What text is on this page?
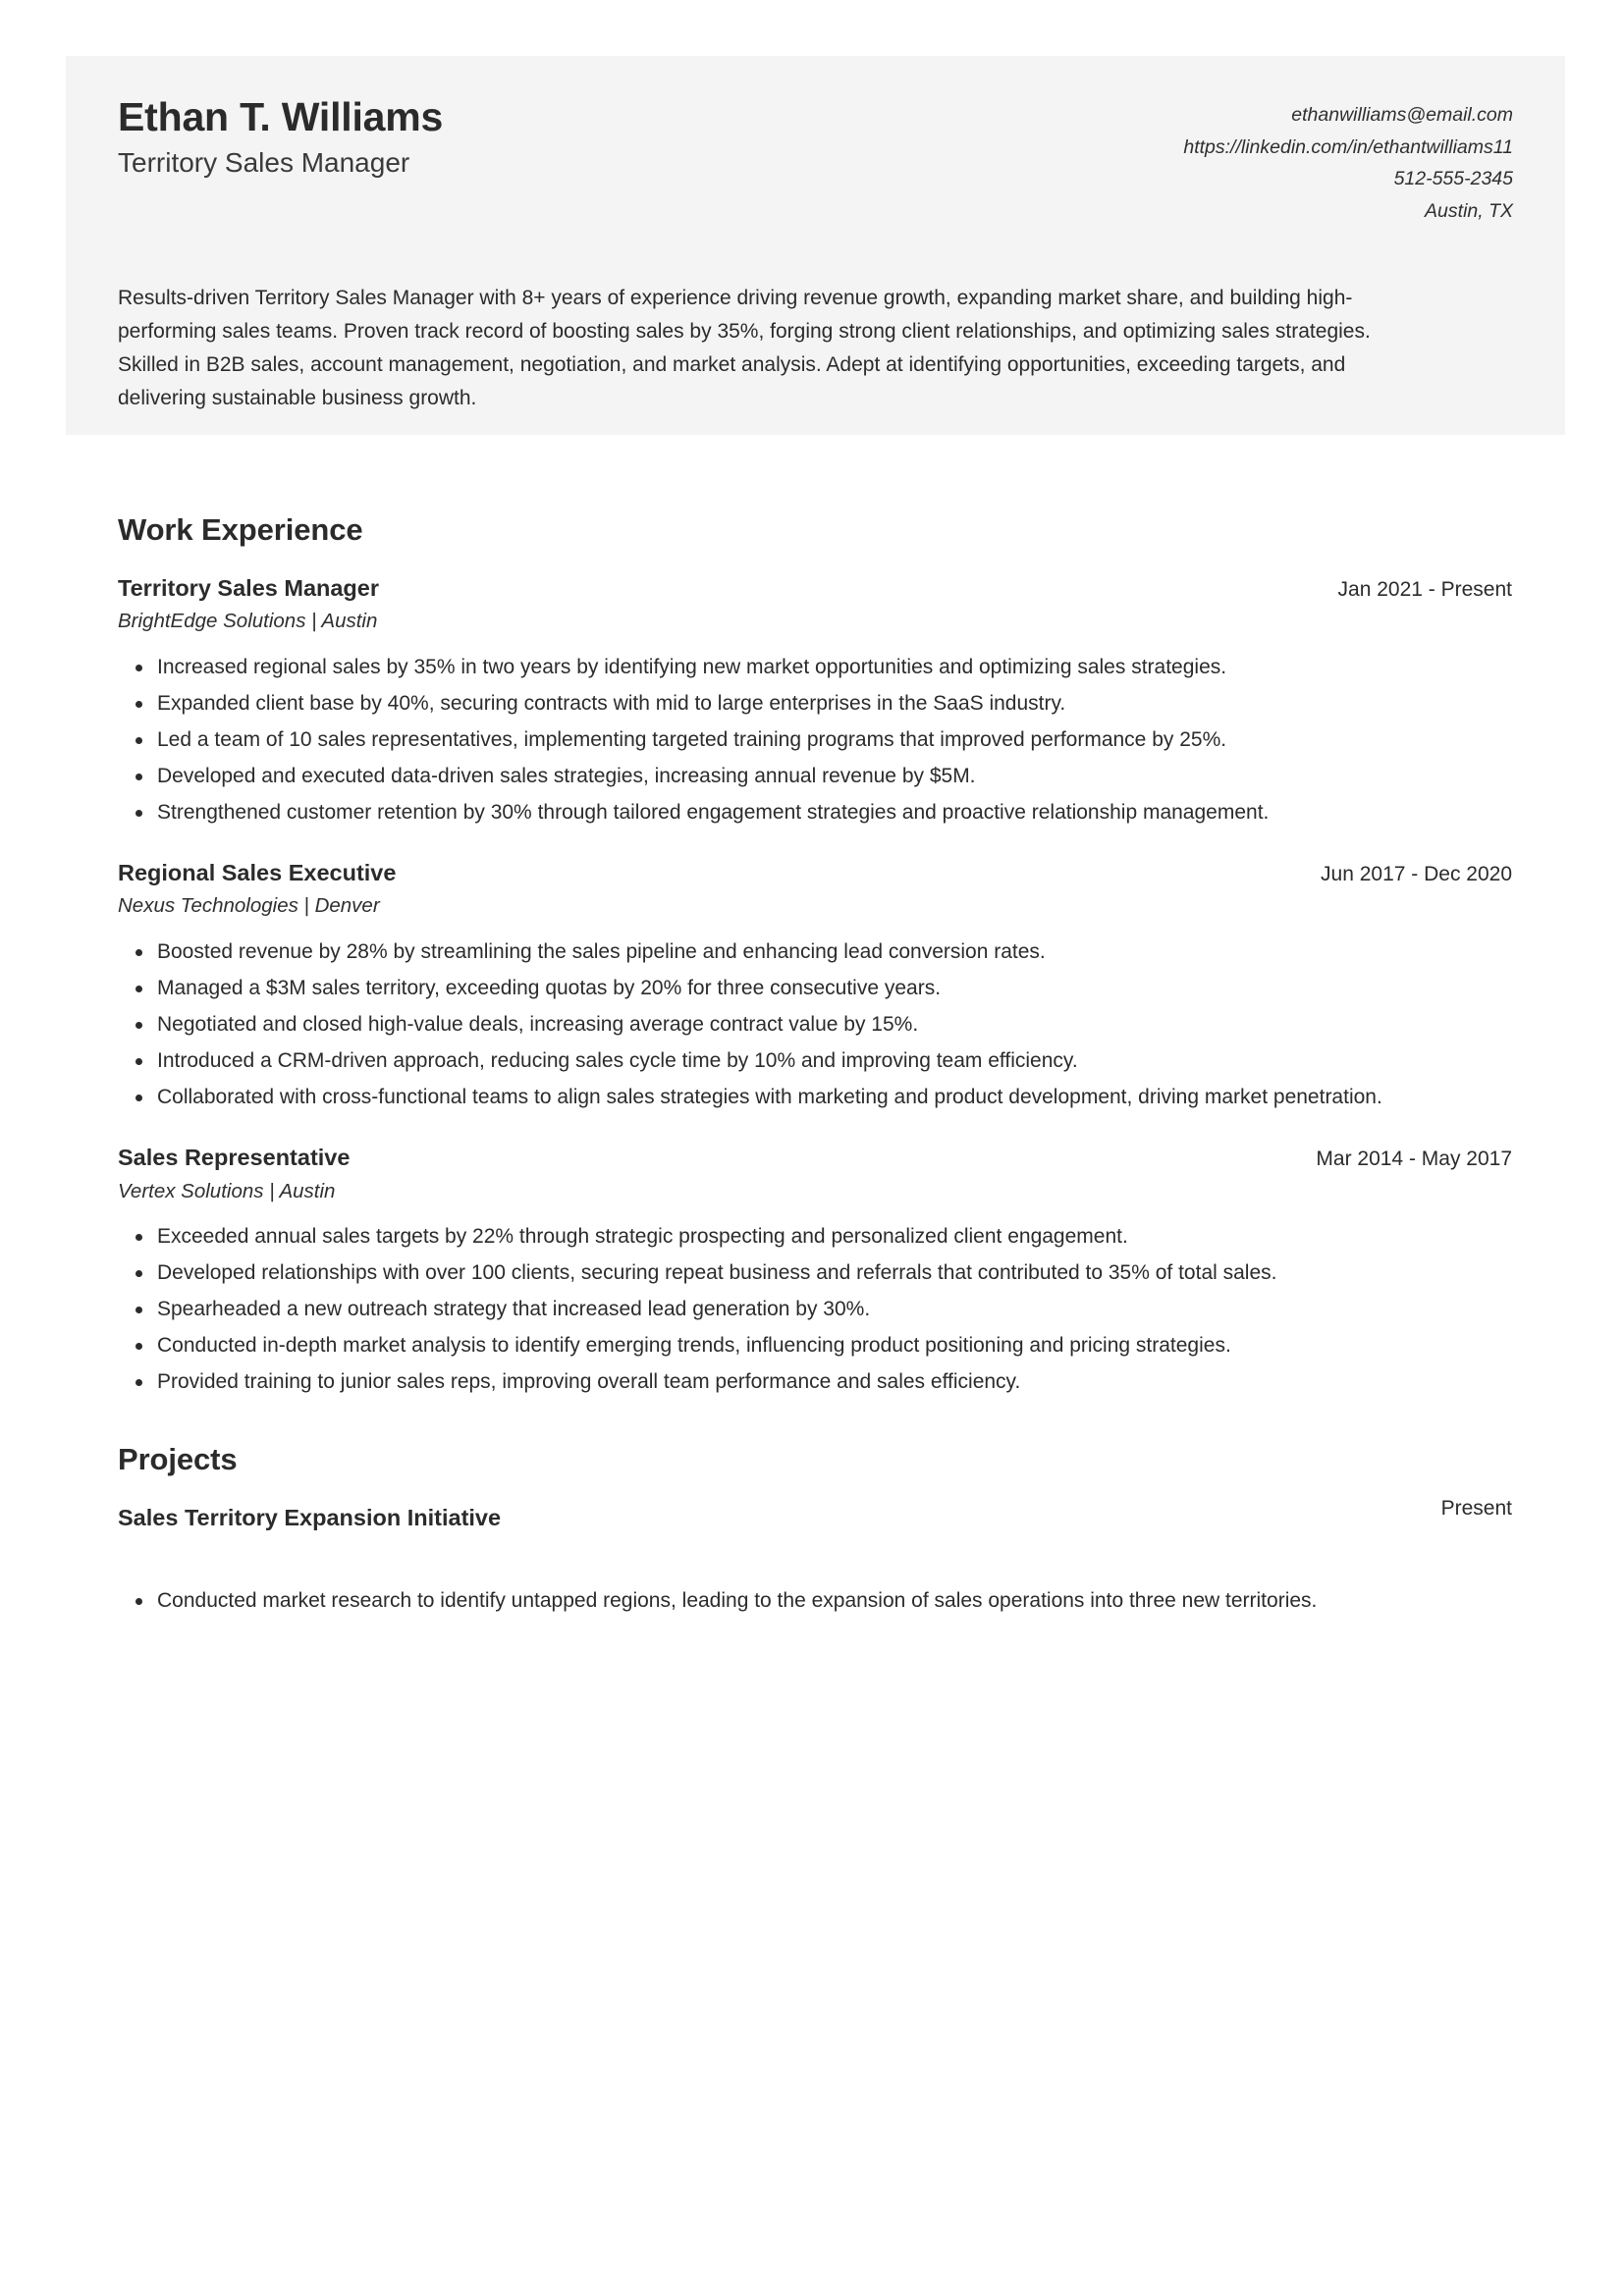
Ethan T. Williams
Territory Sales Manager
ethanwilliams@email.com
https://linkedin.com/in/ethantwilliams11
512-555-2345
Austin, TX
Results-driven Territory Sales Manager with 8+ years of experience driving revenue growth, expanding market share, and building high-performing sales teams. Proven track record of boosting sales by 35%, forging strong client relationships, and optimizing sales strategies. Skilled in B2B sales, account management, negotiation, and market analysis. Adept at identifying opportunities, exceeding targets, and delivering sustainable business growth.
Work Experience
Territory Sales Manager	Jan 2021 - Present
BrightEdge Solutions | Austin
Increased regional sales by 35% in two years by identifying new market opportunities and optimizing sales strategies.
Expanded client base by 40%, securing contracts with mid to large enterprises in the SaaS industry.
Led a team of 10 sales representatives, implementing targeted training programs that improved performance by 25%.
Developed and executed data-driven sales strategies, increasing annual revenue by $5M.
Strengthened customer retention by 30% through tailored engagement strategies and proactive relationship management.
Regional Sales Executive	Jun 2017 - Dec 2020
Nexus Technologies | Denver
Boosted revenue by 28% by streamlining the sales pipeline and enhancing lead conversion rates.
Managed a $3M sales territory, exceeding quotas by 20% for three consecutive years.
Negotiated and closed high-value deals, increasing average contract value by 15%.
Introduced a CRM-driven approach, reducing sales cycle time by 10% and improving team efficiency.
Collaborated with cross-functional teams to align sales strategies with marketing and product development, driving market penetration.
Sales Representative	Mar 2014 - May 2017
Vertex Solutions | Austin
Exceeded annual sales targets by 22% through strategic prospecting and personalized client engagement.
Developed relationships with over 100 clients, securing repeat business and referrals that contributed to 35% of total sales.
Spearheaded a new outreach strategy that increased lead generation by 30%.
Conducted in-depth market analysis to identify emerging trends, influencing product positioning and pricing strategies.
Provided training to junior sales reps, improving overall team performance and sales efficiency.
Projects
Sales Territory Expansion Initiative	Present
Conducted market research to identify untapped regions, leading to the expansion of sales operations into three new territories.
